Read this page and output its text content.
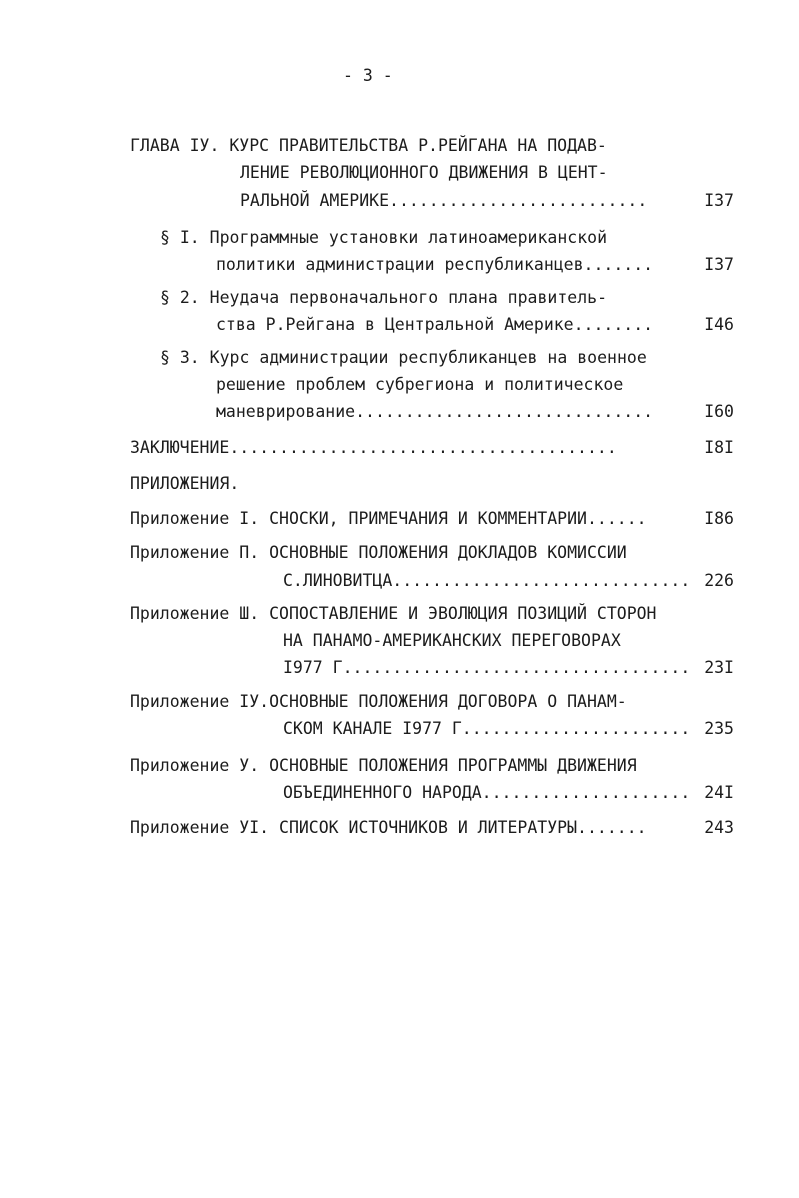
- 3 -
ГЛАВА IУ. КУРС ПРАВИТЕЛЬСТВА Р.РЕЙГАНА НА ПОДАВ-
ЛЕНИЕ РЕВОЛЮЦИОННОГО ДВИЖЕНИЯ В ЦЕНТ-
РАЛЬНОЙ АМЕРИКЕ..........................	I37
§ I. Программные установки латиноамериканской
политики администрации республиканцев.......	I37
§ 2. Неудача первоначального плана правитель-
ства Р.Рейгана в Центральной Америке........	I46
§ 3. Курс администрации республиканцев на военное
решение проблем субрегиона и политическое
маневрирование..............................	I60
ЗАКЛЮЧЕНИЕ.......................................	I8I
ПРИЛОЖЕНИЯ.
Приложение I. СНОСКИ, ПРИМЕЧАНИЯ И КОММЕНТАРИИ......	I86
Приложение П. ОСНОВНЫЕ ПОЛОЖЕНИЯ ДОКЛАДОВ КОМИССИИ
С.ЛИНОВИТЦА.............................. 226
Приложение Ш. СОПОСТАВЛЕНИЕ И ЭВОЛЮЦИЯ ПОЗИЦИЙ СТОРОН
НА ПАНАМО-АМЕРИКАНСКИХ ПЕРЕГОВОРАХ
I977 Г................................... 23I
Приложение IУ.ОСНОВНЫЕ ПОЛОЖЕНИЯ ДОГОВОРА О ПАНАМ-
СКОМ КАНАЛЕ I977 Г....................... 235
Приложение У. ОСНОВНЫЕ ПОЛОЖЕНИЯ ПРОГРАММЫ ДВИЖЕНИЯ
ОБЪЕДИНЕННОГО НАРОДА..................... 24I
Приложение УI. СПИСОК ИСТОЧНИКОВ И ЛИТЕРАТУРЫ.......	243
